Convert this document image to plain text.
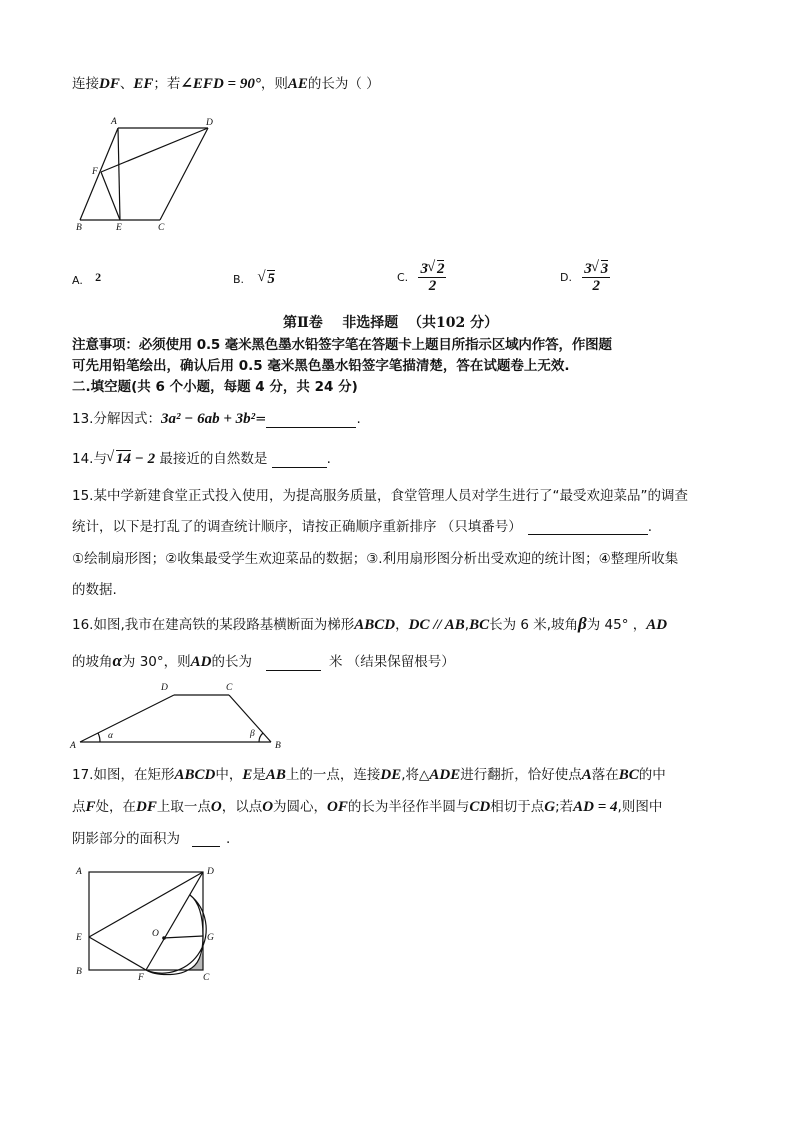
连接DF、EF；若∠EFD = 90°，则AE的长为（ ）
A	D
F
B	E	C
A. 2	B. √ 5	C. $\frac{3 √ 2}{2}$	D. $\frac{3 √ 3}{2}$
第Ⅱ卷    非选择题  （共102 分）
注意事项：必须使用 0.5 毫米黑色墨水铅签字笔在答题卡上题目所指示区域内作答，作图题
可先用铅笔绘出，确认后用 0.5 毫米黑色墨水铅签字笔描清楚，答在试题卷上无效.
二.填空题(共 6 个小题，每题 4 分，共 24 分)
13.分解因式：3a² − 6ab + 3b²=	.
14.与 √ 14 − 2 最接近的自然数是	.
15.某中学新建食堂正式投入使用，为提高服务质量，食堂管理人员对学生进行了“最受欢迎菜品”的调查
统计，以下是打乱了的调查统计顺序，请按正确顺序重新排序 （只填番号）	.
①绘制扇形图；②收集最受学生欢迎菜品的数据；③.利用扇形图分析出受欢迎的统计图；④整理所收集
的数据.
16.如图,我市在建高铁的某段路基横断面为梯形ABCD，DC // AB,BC长为 6 米,坡角β为 45° ，AD
的坡角α为 30°，则AD的长为	米 （结果保留根号）
D	C
A	B
α	β
17.如图，在矩形ABCD中，E是AB上的一点，连接DE,将△ADE进行翻折，恰好使点A落在BC的中
点F处，在DF上取一点O，以点O为圆心，OF的长为半径作半圆与CD相切于点G;若AD = 4,则图中
阴影部分的面积为	.
A	D
O
E	G
B
F	C
